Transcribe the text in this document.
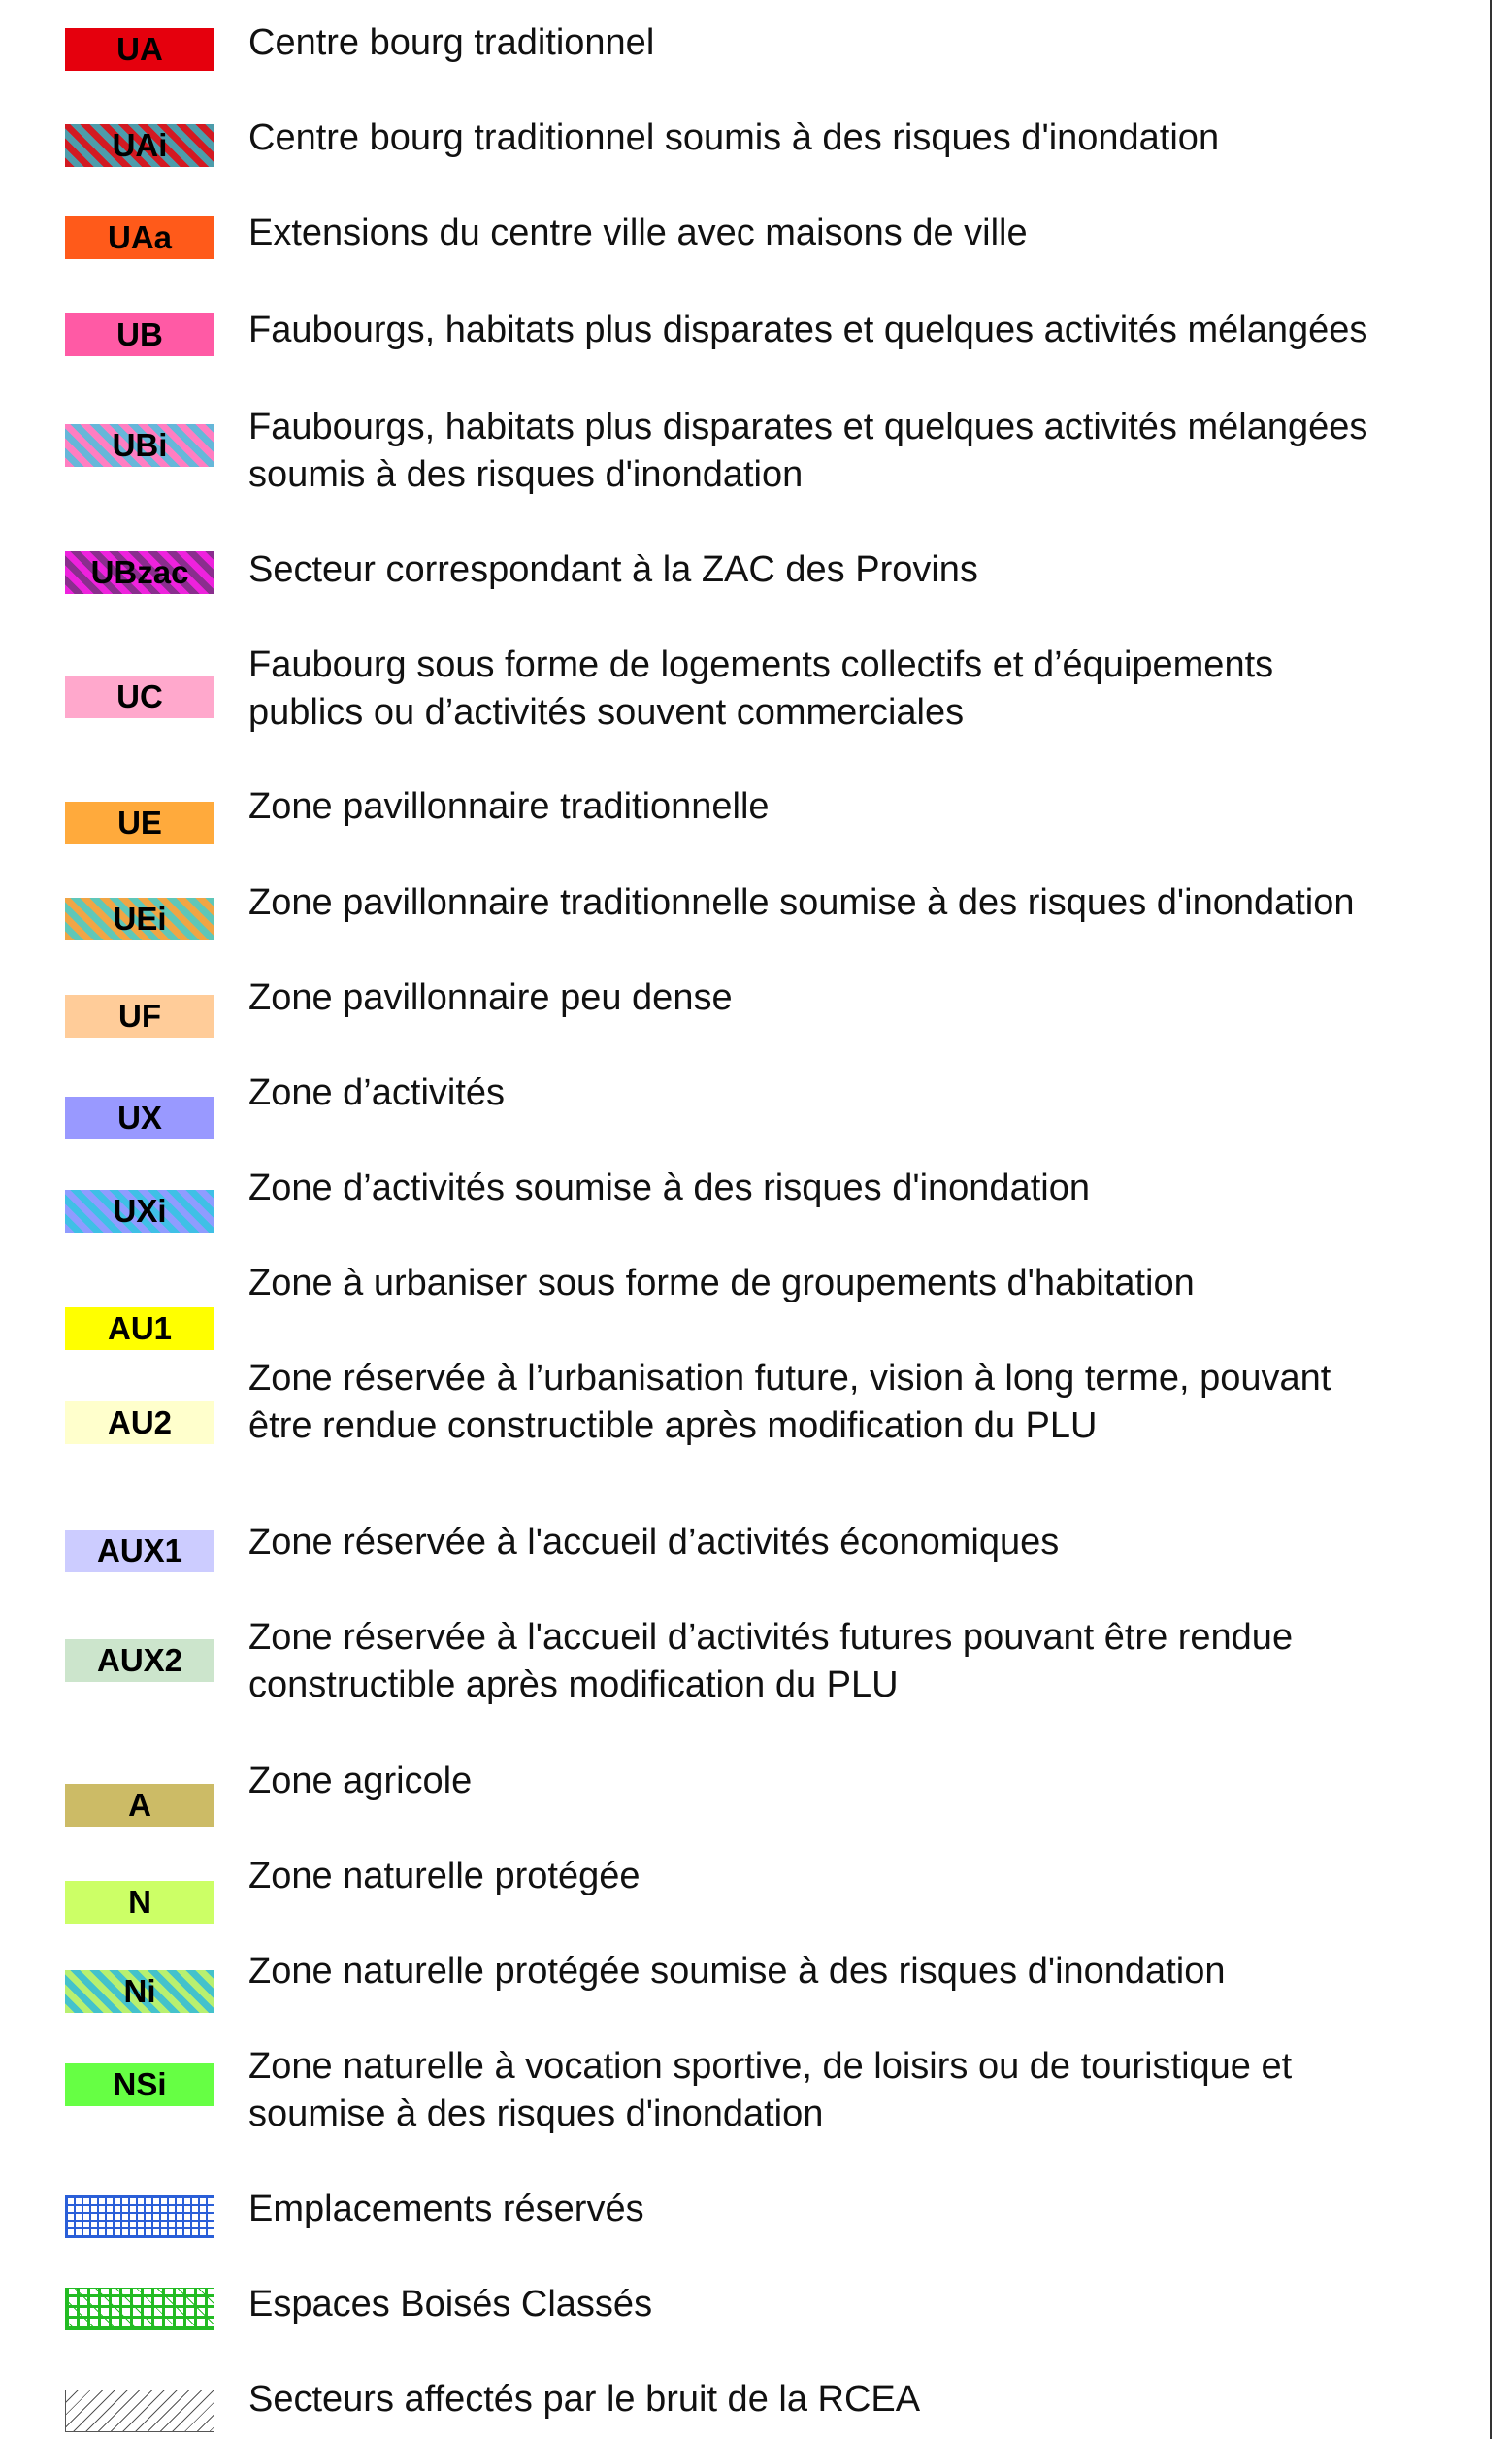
UA Centre bourg traditionnel
UAi Centre bourg traditionnel soumis à des risques d'inondation
UAa Extensions du centre ville avec maisons de ville
UB Faubourgs, habitats plus disparates et quelques activités mélangées
UBi Faubourgs, habitats plus disparates et quelques activités mélangées
soumis à des risques d'inondation
UBzac Secteur correspondant à la ZAC des Provins
UC
Faubourg sous forme de logements collectifs et d’équipements
publics ou d’activités souvent commerciales
UE Zone pavillonnaire traditionnelle
UEi Zone pavillonnaire traditionnelle soumise à des risques d'inondation
UF Zone pavillonnaire peu dense
UX
Zone d’activités
UXi
Zone d’activités soumise à des risques d'inondation
AU1
Zone à urbaniser sous forme de groupements d'habitation
AU2
Zone réservée à l’urbanisation future, vision à long terme, pouvant
être rendue constructible après modification du PLU
AUX1 Zone réservée à l'accueil d’activités économiques
AUX2
Zone réservée à l'accueil d’activités futures pouvant être rendue
constructible après modification du PLU
A
Zone agricole
N
Zone naturelle protégée
Ni	Zone naturelle protégée soumise à des risques d'inondation
NSi Zone naturelle à vocation sportive, de loisirs ou de touristique et
soumise à des risques d'inondation
Emplacements réservés
Espaces Boisés Classés
Secteurs affectés par le bruit de la RCEA
